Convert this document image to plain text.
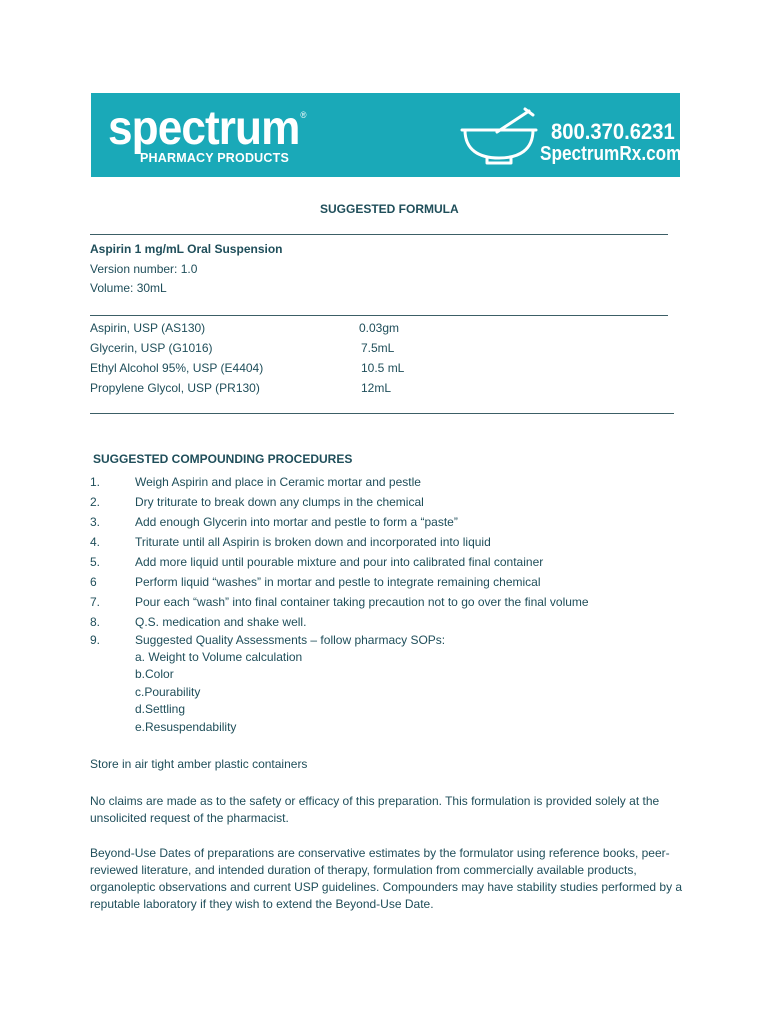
spectrum®
PHARMACY PRODUCTS
800.370.6231
SpectrumRx.com
SUGGESTED FORMULA
Aspirin 1 mg/mL Oral Suspension
Version number: 1.0
Volume: 30mL
Aspirin, USP (AS130)	0.03gm
Glycerin, USP (G1016)	7.5mL
Ethyl Alcohol 95%, USP (E4404)	10.5 mL
Propylene Glycol, USP (PR130)	12mL
SUGGESTED COMPOUNDING PROCEDURES
1.	Weigh Aspirin and place in Ceramic mortar and pestle
2.	Dry triturate to break down any clumps in the chemical
3.	Add enough Glycerin into mortar and pestle to form a “paste”
4.	Triturate until all Aspirin is broken down and incorporated into liquid
5.	Add more liquid until pourable mixture and pour into calibrated final container
6	Perform liquid “washes” in mortar and pestle to integrate remaining chemical
7.	Pour each “wash” into final container taking precaution not to go over the final volume
8.	Q.S. medication and shake well.
9.	Suggested Quality Assessments – follow pharmacy SOPs:
a. Weight to Volume calculation
b.Color
c.Pourability
d.Settling
e.Resuspendability
Store in air tight amber plastic containers
No claims are made as to the safety or efficacy of this preparation. This formulation is provided solely at the unsolicited request of the pharmacist.
Beyond-Use Dates of preparations are conservative estimates by the formulator using reference books, peer-reviewed literature, and intended duration of therapy, formulation from commercially available products, organoleptic observations and current USP guidelines. Compounders may have stability studies performed by a reputable laboratory if they wish to extend the Beyond-Use Date.
